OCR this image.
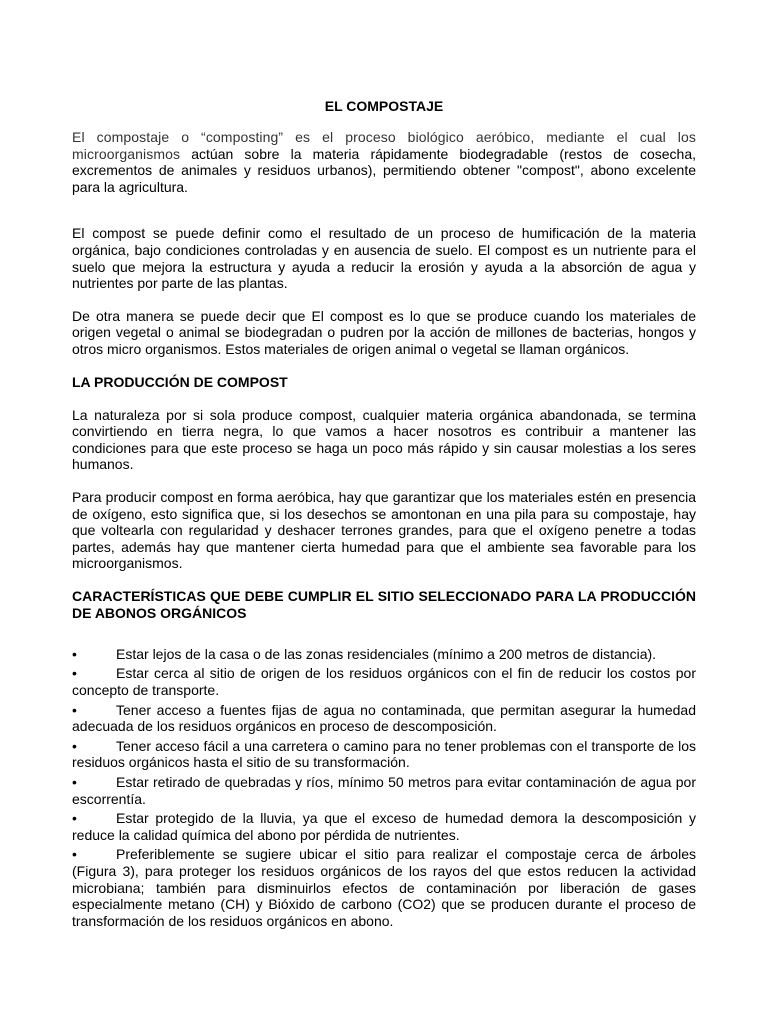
EL COMPOSTAJE

El compostaje o “composting” es el proceso biológico aeróbico, mediante el cual los microorganismos actúan sobre la materia rápidamente biodegradable (restos de cosecha, excrementos de animales y residuos urbanos), permitiendo obtener "compost", abono excelente para la agricultura.

El compost se puede definir como el resultado de un proceso de humificación de la materia orgánica, bajo condiciones controladas y en ausencia de suelo. El compost es un nutriente para el suelo que mejora la estructura y ayuda a reducir la erosión y ayuda a la absorción de agua y nutrientes por parte de las plantas.

De otra manera se puede decir que El compost es lo que se produce cuando los materiales de origen vegetal o animal se biodegradan o pudren por la acción de millones de bacterias, hongos y otros micro organismos. Estos materiales de origen animal o vegetal se llaman orgánicos.

LA PRODUCCIÓN DE COMPOST

La naturaleza por si sola produce compost, cualquier materia orgánica abandonada, se termina convirtiendo en tierra negra, lo que vamos a hacer nosotros es contribuir a mantener las condiciones para que este proceso se haga un poco más rápido y sin causar molestias a los seres humanos.

Para producir compost en forma aeróbica, hay que garantizar que los materiales estén en presencia de oxígeno, esto significa que, si los desechos se amontonan en una pila para su compostaje, hay que voltearla con regularidad y deshacer terrones grandes, para que el oxígeno penetre a todas partes, además hay que mantener cierta humedad para que el ambiente sea favorable para los microorganismos.

CARACTERÍSTICAS QUE DEBE CUMPLIR EL SITIO SELECCIONADO PARA LA PRODUCCIÓN DE ABONOS ORGÁNICOS
•	Estar lejos de la casa o de las zonas residenciales (mínimo a 200 metros de distancia).
•	Estar cerca al sitio de origen de los residuos orgánicos con el fin de reducir los costos por concepto de transporte.
•	Tener acceso a fuentes fijas de agua no contaminada, que permitan asegurar la humedad adecuada de los residuos orgánicos en proceso de descomposición.
•	Tener acceso fácil a una carretera o camino para no tener problemas con el transporte de los residuos orgánicos hasta el sitio de su transformación.
•	Estar retirado de quebradas y ríos, mínimo 50 metros para evitar contaminación de agua por escorrentía.
•	Estar protegido de la lluvia, ya que el exceso de humedad demora la descomposición y reduce la calidad química del abono por pérdida de nutrientes.
•	Preferiblemente se sugiere ubicar el sitio para realizar el compostaje cerca de árboles (Figura 3), para proteger los residuos orgánicos de los rayos del que estos reducen la actividad microbiana; también para disminuirlos efectos de contaminación por liberación de gases especialmente metano (CH) y Bióxido de carbono (CO2) que se producen durante el proceso de transformación de los residuos orgánicos en abono.
